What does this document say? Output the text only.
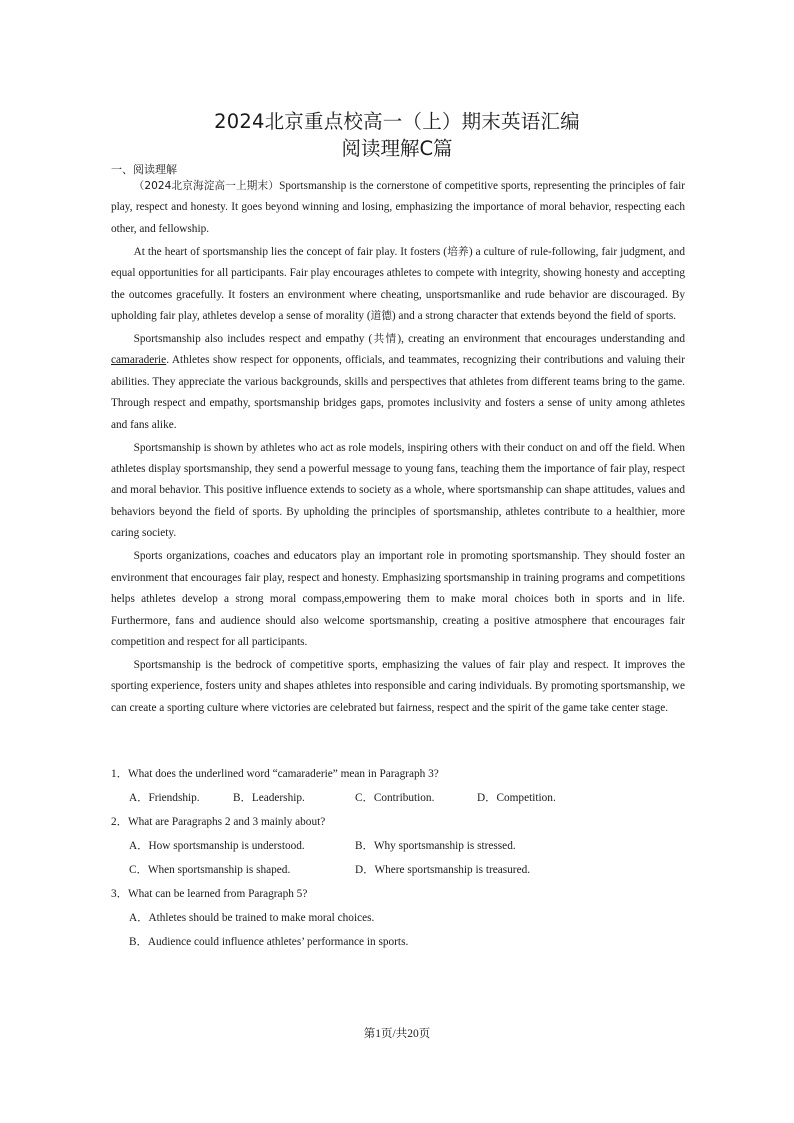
2024北京重点校高一（上）期末英语汇编
阅读理解C篇
一、阅读理解

（2024北京海淀高一上期末）Sportsmanship is the cornerstone of competitive sports, representing the principles of fair play, respect and honesty. It goes beyond winning and losing, emphasizing the importance of moral behavior, respecting each other, and fellowship.

At the heart of sportsmanship lies the concept of fair play. It fosters (培养) a culture of rule-following, fair judgment, and equal opportunities for all participants. Fair play encourages athletes to compete with integrity, showing honesty and accepting the outcomes gracefully. It fosters an environment where cheating, unsportsmanlike and rude behavior are discouraged. By upholding fair play, athletes develop a sense of morality (道德) and a strong character that extends beyond the field of sports.

Sportsmanship also includes respect and empathy (共情), creating an environment that encourages understanding and camaraderie. Athletes show respect for opponents, officials, and teammates, recognizing their contributions and valuing their abilities. They appreciate the various backgrounds, skills and perspectives that athletes from different teams bring to the game. Through respect and empathy, sportsmanship bridges gaps, promotes inclusivity and fosters a sense of unity among athletes and fans alike.

Sportsmanship is shown by athletes who act as role models, inspiring others with their conduct on and off the field. When athletes display sportsmanship, they send a powerful message to young fans, teaching them the importance of fair play, respect and moral behavior. This positive influence extends to society as a whole, where sportsmanship can shape attitudes, values and behaviors beyond the field of sports. By upholding the principles of sportsmanship, athletes contribute to a healthier, more caring society.

Sports organizations, coaches and educators play an important role in promoting sportsmanship. They should foster an environment that encourages fair play, respect and honesty. Emphasizing sportsmanship in training programs and competitions helps athletes develop a strong moral compass,empowering them to make moral choices both in sports and in life. Furthermore, fans and audience should also welcome sportsmanship, creating a positive atmosphere that encourages fair competition and respect for all participants.

Sportsmanship is the bedrock of competitive sports, emphasizing the values of fair play and respect. It improves the sporting experience, fosters unity and shapes athletes into responsible and caring individuals. By promoting sportsmanship, we can create a sporting culture where victories are celebrated but fairness, respect and the spirit of the game take center stage.

1．What does the underlined word “camaraderie” mean in Paragraph 3?
A．Friendship.	B．Leadership.	C．Contribution.	D．Competition.
2．What are Paragraphs 2 and 3 mainly about?
A．How sportsmanship is understood.	B．Why sportsmanship is stressed.
C．When sportsmanship is shaped.	D．Where sportsmanship is treasured.
3．What can be learned from Paragraph 5?
A．Athletes should be trained to make moral choices.
B．Audience could influence athletes’ performance in sports.
第1页/共20页
